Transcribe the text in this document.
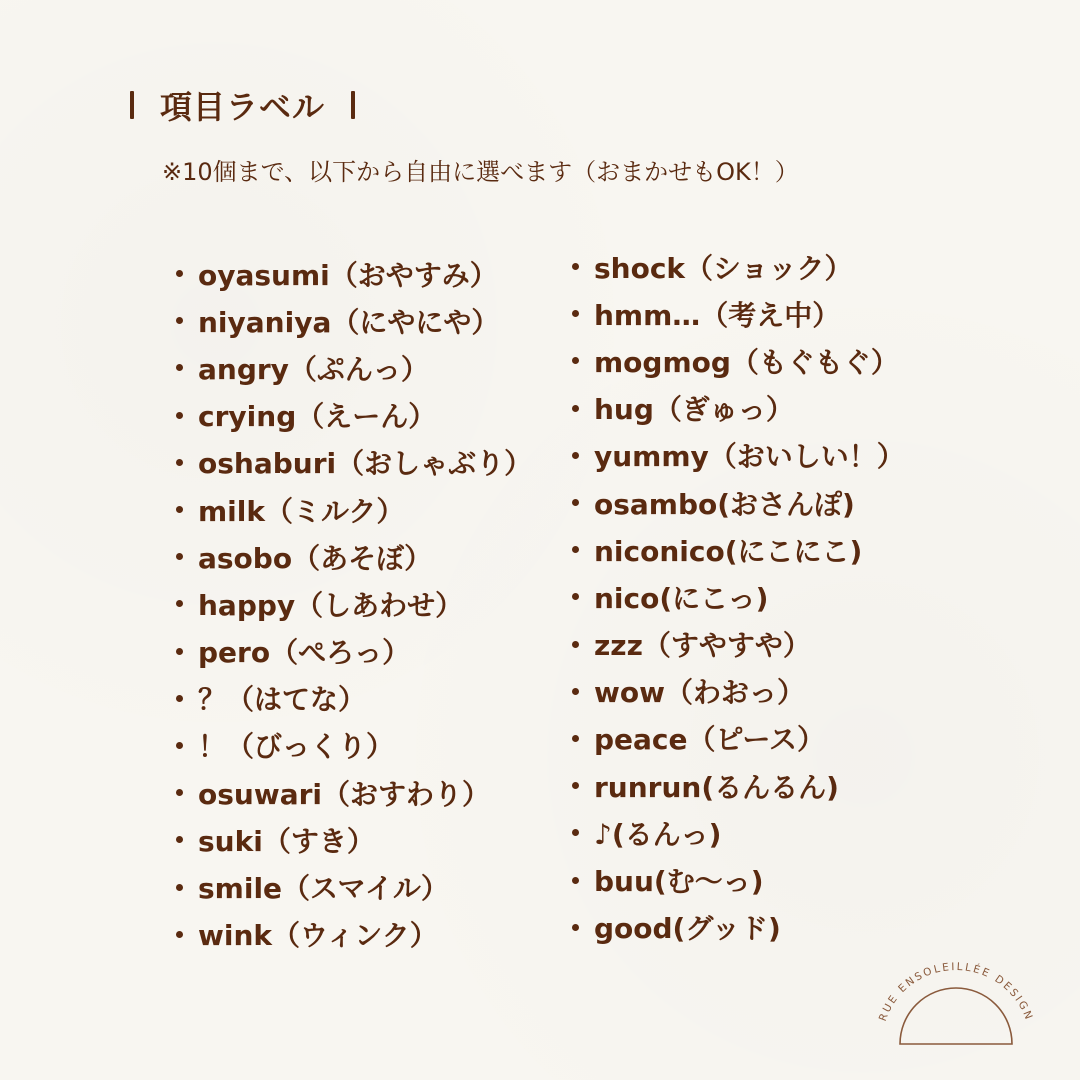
項目ラベル
※10個まで、以下から自由に選べます（おまかせもOK！）
oyasumi（おやすみ）
niyaniya（にやにや）
angry（ぷんっ）
crying（えーん）
oshaburi（おしゃぶり）
milk（ミルク）
asobo（あそぼ）
happy（しあわせ）
pero（ぺろっ）
？（はてな）
！（びっくり）
osuwari（おすわり）
suki（すき）
smile（スマイル）
wink（ウィンク）
shock（ショック）
hmm…（考え中）
mogmog（もぐもぐ）
hug（ぎゅっ）
yummy（おいしい！）
osambo(おさんぽ)
niconico(にこにこ)
nico(にこっ)
zzz（すやすや）
wow（わおっ）
peace（ピース）
runrun(るんるん)
♪(るんっ)
buu(む～っ)
good(グッド)
RUE ENSOLEILLÉE DESIGN
